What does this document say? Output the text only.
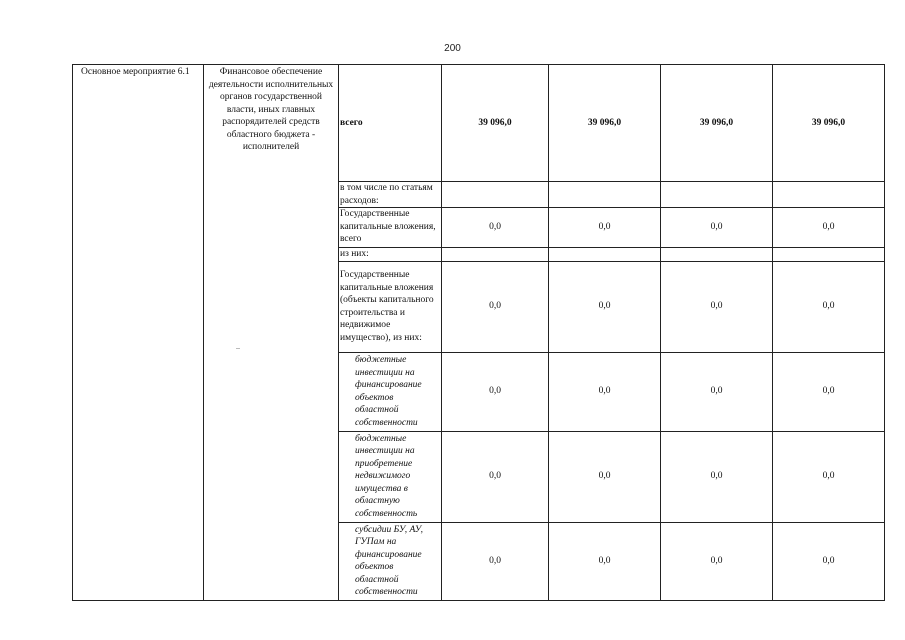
200
Основное мероприятие 6.1	Финансовое обеспечение деятельности исполнительных органов государственной власти, иных главных распорядителей средств областного бюджета - исполнителей	всего	39 096,0	39 096,0	39 096,0	39 096,0
		в том числе по статьям расходов:				
		Государственные капитальные вложения, всего	0,0	0,0	0,0	0,0
		из них:				
		Государственные капитальные вложения (объекты капитального строительства и недвижимое имущество), из них:	0,0	0,0	0,0	0,0
		бюджетные инвестиции на финансирование объектов областной собственности	0,0	0,0	0,0	0,0
		бюджетные инвестиции на приобретение недвижимого имущества в областную собственность	0,0	0,0	0,0	0,0
		субсидии БУ, АУ, ГУПам на финансирование объектов областной собственности	0,0	0,0	0,0	0,0
